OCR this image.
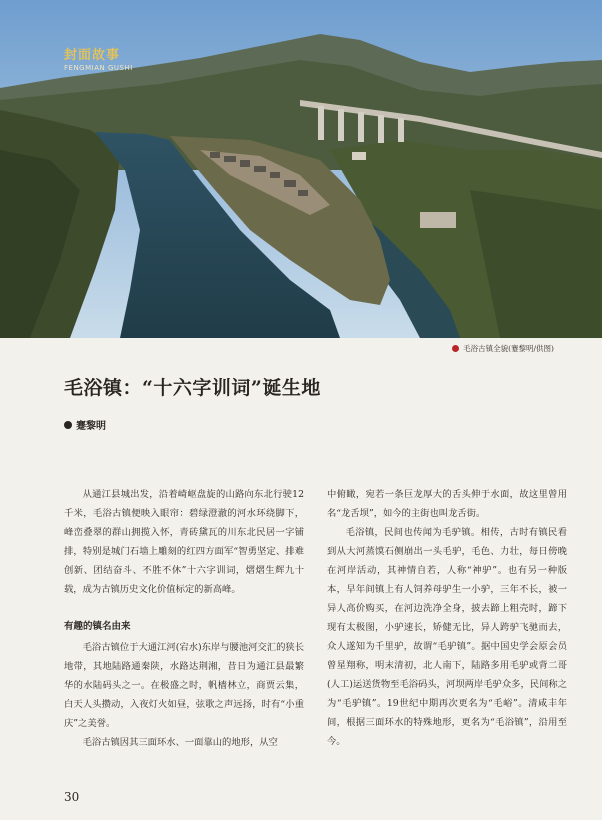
封面故事
FENGMIAN GUSHI
毛浴古镇全貌(蹇黎明/供图)
毛浴镇：“十六字训词”诞生地
蹇黎明

从通江县城出发，沿着崎岖盘旋的山路向东北行驶12千米，毛浴古镇便映入眼帘：碧绿澄澈的河水环绕脚下，峰峦叠翠的群山拥揽入怀，青砖黛瓦的川东北民居一字铺排，特别是城门石墙上雕刻的红四方面军“智勇坚定、排难创新、团结奋斗、不胜不休”十六字训词，熠熠生辉九十载，成为古镇历史文化价值标定的新高峰。

有趣的镇名由来

毛浴古镇位于大通江河(宕水)东岸与腰池河交汇的狭长地带，其地陆路通秦陕，水路达荆湘，昔日为通江县最繁华的水陆码头之一。在极盛之时，帆樯林立，商贾云集，白天人头攒动，入夜灯火如昼，弦歌之声远扬，时有“小重庆”之美誉。

毛浴古镇因其三面环水、一面靠山的地形，从空

中俯瞰，宛若一条巨龙厚大的舌头伸于水面，故这里曾用名“龙舌坝”，如今的主街也叫龙舌街。

毛浴镇，民间也传闻为毛驴镇。相传，古时有镇民看到从大河蒸馍石侧崩出一头毛驴，毛色、力壮，每日傍晚在河岸活动，其神情自若，人称“神驴”。也有另一种版本，早年间镇上有人饲养母驴生一小驴，三年不长，被一异人高价购买，在河边洗净全身，披去蹄上粗壳时，蹄下现有太极图，小驴速长，矫健无比，异人跨驴飞驰而去，众人遂知为千里驴，故谓“毛驴镇”。据中国史学会原会员曾星翔称，明末清初，北人南下，陆路多用毛驴或背二哥(人工)运送货物至毛浴码头，河坝两岸毛驴众多，民间称之为“毛驴镇”。19世纪中期再次更名为“毛峪”。清咸丰年间，根据三面环水的特殊地形，更名为“毛浴镇”，沿用至今。

30
